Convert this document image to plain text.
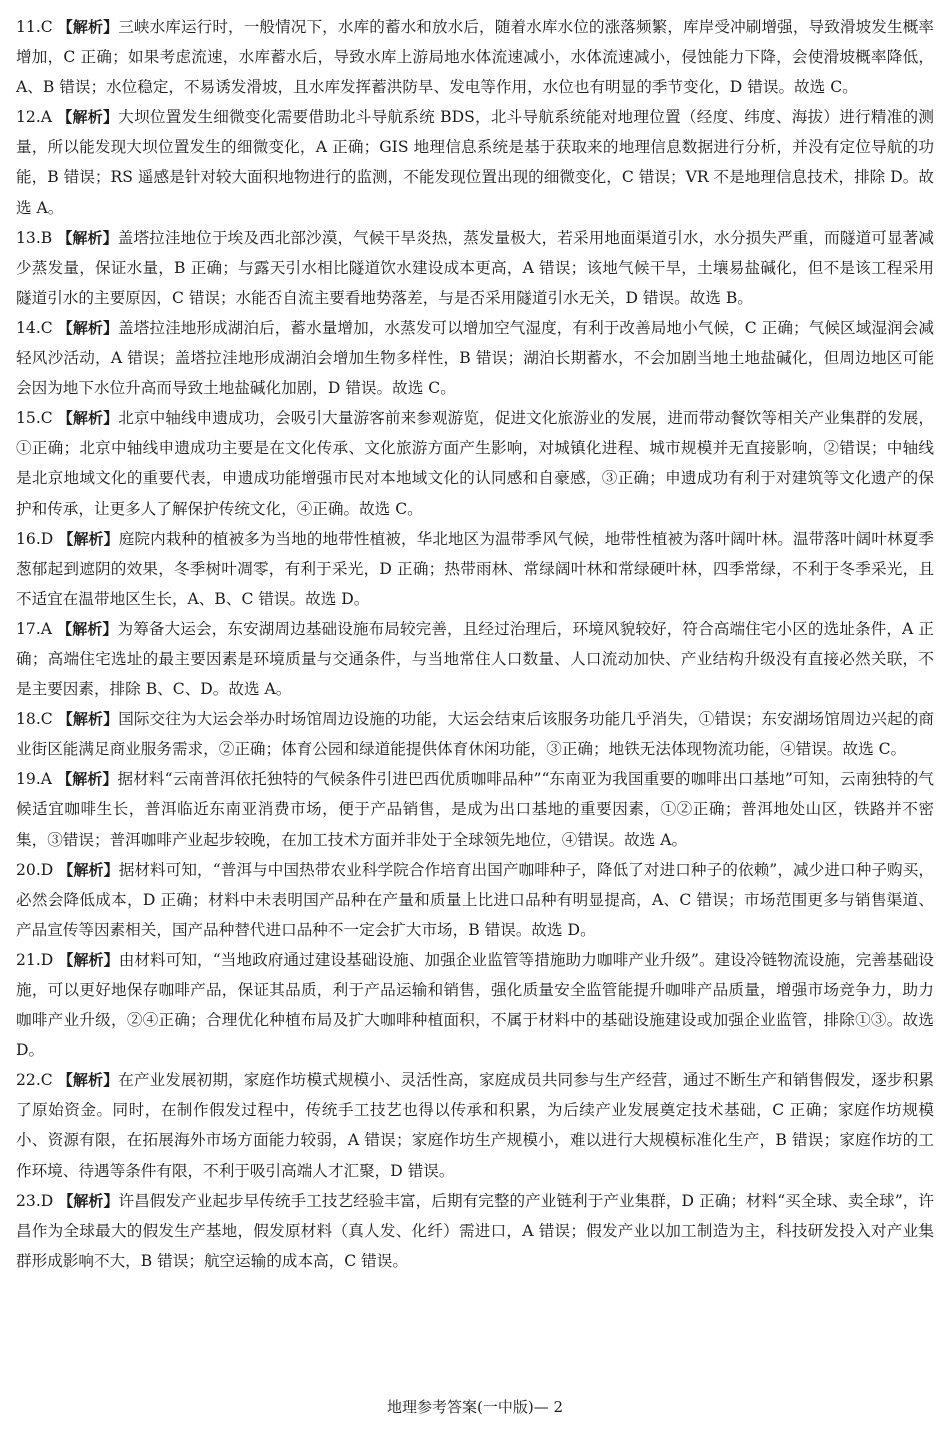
11.C 【解析】三峡水库运行时，一般情况下，水库的蓄水和放水后，随着水库水位的涨落频繁，库岸受冲刷增强，导致滑坡发生概率增加，C 正确；如果考虑流速，水库蓄水后，导致水库上游局地水体流速减小，水体流速减小，侵蚀能力下降，会使滑坡概率降低，A、B 错误；水位稳定，不易诱发滑坡，且水库发挥蓄洪防旱、发电等作用，水位也有明显的季节变化，D 错误。故选 C。
12.A 【解析】大坝位置发生细微变化需要借助北斗导航系统 BDS，北斗导航系统能对地理位置（经度、纬度、海拔）进行精准的测量，所以能发现大坝位置发生的细微变化，A 正确；GIS 地理信息系统是基于获取来的地理信息数据进行分析，并没有定位导航的功能，B 错误；RS 遥感是针对较大面积地物进行的监测，不能发现位置出现的细微变化，C 错误；VR 不是地理信息技术，排除 D。故选 A。
13.B 【解析】盖塔拉洼地位于埃及西北部沙漠，气候干旱炎热，蒸发量极大，若采用地面渠道引水，水分损失严重，而隧道可显著减少蒸发量，保证水量，B 正确；与露天引水相比隧道饮水建设成本更高，A 错误；该地气候干旱，土壤易盐碱化，但不是该工程采用隧道引水的主要原因，C 错误；水能否自流主要看地势落差，与是否采用隧道引水无关，D 错误。故选 B。
14.C 【解析】盖塔拉洼地形成湖泊后，蓄水量增加，水蒸发可以增加空气湿度，有利于改善局地小气候，C 正确；气候区域湿润会减轻风沙活动，A 错误；盖塔拉洼地形成湖泊会增加生物多样性，B 错误；湖泊长期蓄水，不会加剧当地土地盐碱化，但周边地区可能会因为地下水位升高而导致土地盐碱化加剧，D 错误。故选 C。
15.C 【解析】北京中轴线申遗成功，会吸引大量游客前来参观游览，促进文化旅游业的发展，进而带动餐饮等相关产业集群的发展，①正确；北京中轴线申遗成功主要是在文化传承、文化旅游方面产生影响，对城镇化进程、城市规模并无直接影响，②错误；中轴线是北京地域文化的重要代表，申遗成功能增强市民对本地域文化的认同感和自豪感，③正确；申遗成功有利于对建筑等文化遗产的保护和传承，让更多人了解保护传统文化，④正确。故选 C。
16.D 【解析】庭院内栽种的植被多为当地的地带性植被，华北地区为温带季风气候，地带性植被为落叶阔叶林。温带落叶阔叶林夏季葱郁起到遮阴的效果，冬季树叶凋零，有利于采光，D 正确；热带雨林、常绿阔叶林和常绿硬叶林，四季常绿，不利于冬季采光，且不适宜在温带地区生长，A、B、C 错误。故选 D。
17.A 【解析】为筹备大运会，东安湖周边基础设施布局较完善，且经过治理后，环境风貌较好，符合高端住宅小区的选址条件，A 正确；高端住宅选址的最主要因素是环境质量与交通条件，与当地常住人口数量、人口流动加快、产业结构升级没有直接必然关联，不是主要因素，排除 B、C、D。故选 A。
18.C 【解析】国际交往为大运会举办时场馆周边设施的功能，大运会结束后该服务功能几乎消失，①错误；东安湖场馆周边兴起的商业街区能满足商业服务需求，②正确；体育公园和绿道能提供体育休闲功能，③正确；地铁无法体现物流功能，④错误。故选 C。
19.A 【解析】据材料“云南普洱依托独特的气候条件引进巴西优质咖啡品种”“东南亚为我国重要的咖啡出口基地”可知，云南独特的气候适宜咖啡生长，普洱临近东南亚消费市场，便于产品销售，是成为出口基地的重要因素，①②正确；普洱地处山区，铁路并不密集，③错误；普洱咖啡产业起步较晚，在加工技术方面并非处于全球领先地位，④错误。故选 A。
20.D 【解析】据材料可知，“普洱与中国热带农业科学院合作培育出国产咖啡种子，降低了对进口种子的依赖”，减少进口种子购买，必然会降低成本，D 正确；材料中未表明国产品种在产量和质量上比进口品种有明显提高，A、C 错误；市场范围更多与销售渠道、产品宣传等因素相关，国产品种替代进口品种不一定会扩大市场，B 错误。故选 D。
21.D 【解析】由材料可知，“当地政府通过建设基础设施、加强企业监管等措施助力咖啡产业升级”。建设冷链物流设施，完善基础设施，可以更好地保存咖啡产品，保证其品质，利于产品运输和销售，强化质量安全监管能提升咖啡产品质量，增强市场竞争力，助力咖啡产业升级，②④正确；合理优化种植布局及扩大咖啡种植面积，不属于材料中的基础设施建设或加强企业监管，排除①③。故选 D。
22.C 【解析】在产业发展初期，家庭作坊模式规模小、灵活性高，家庭成员共同参与生产经营，通过不断生产和销售假发，逐步积累了原始资金。同时，在制作假发过程中，传统手工技艺也得以传承和积累，为后续产业发展奠定技术基础，C 正确；家庭作坊规模小、资源有限，在拓展海外市场方面能力较弱，A 错误；家庭作坊生产规模小，难以进行大规模标准化生产，B 错误；家庭作坊的工作环境、待遇等条件有限，不利于吸引高端人才汇聚，D 错误。
23.D 【解析】许昌假发产业起步早传统手工技艺经验丰富，后期有完整的产业链利于产业集群，D 正确；材料“买全球、卖全球”，许昌作为全球最大的假发生产基地，假发原材料（真人发、化纤）需进口，A 错误；假发产业以加工制造为主，科技研发投入对产业集群形成影响不大，B 错误；航空运输的成本高，C 错误。
地理参考答案(一中版)— 2
